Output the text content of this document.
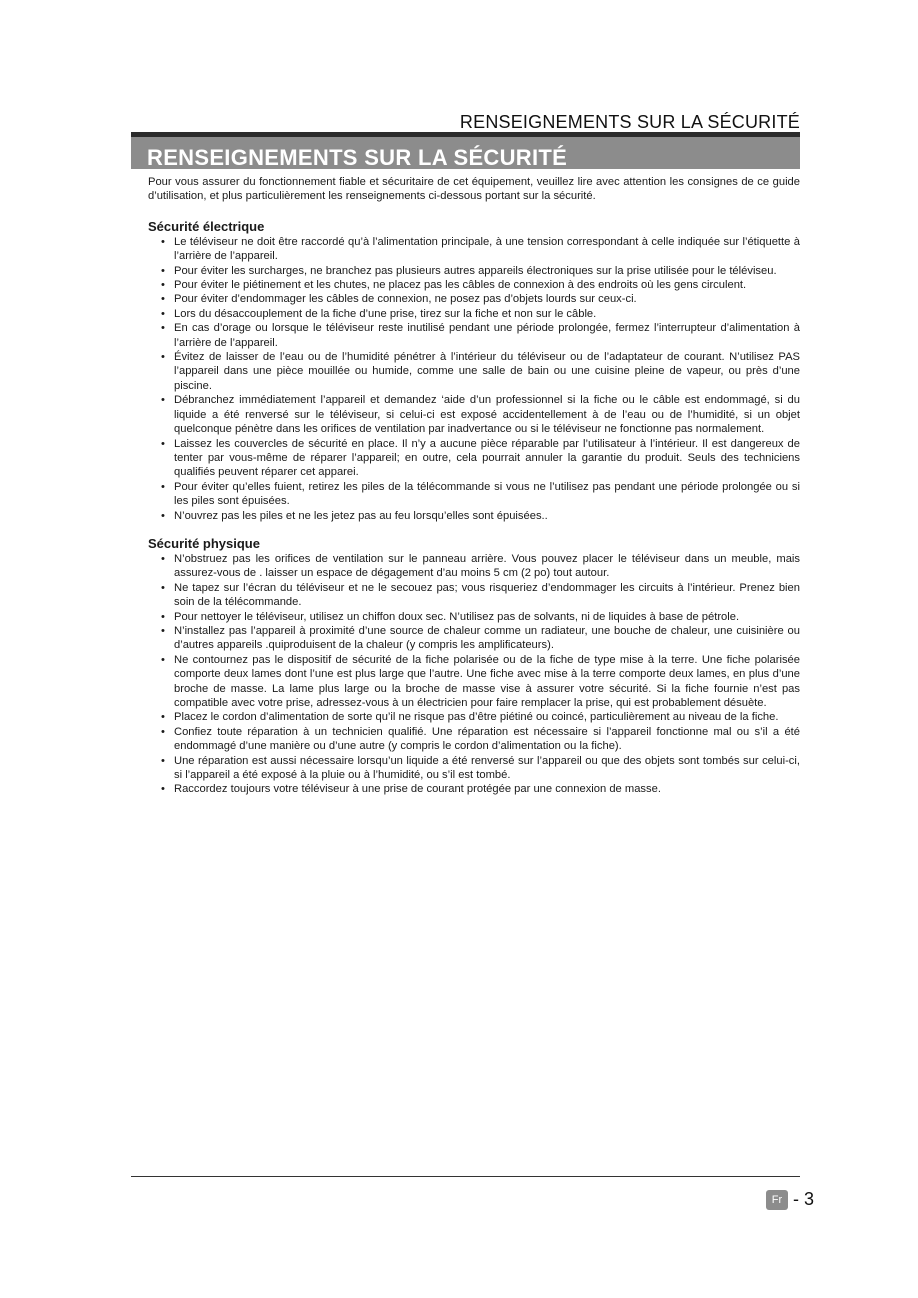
RENSEIGNEMENTS SUR LA SÉCURITÉ
RENSEIGNEMENTS SUR LA SÉCURITÉ

Pour vous assurer du fonctionnement fiable et sécuritaire de cet équipement, veuillez lire avec attention les consignes de ce guide d’utilisation, et plus particulièrement les renseignements ci-dessous portant sur la sécurité.

Sécurité électrique
• Le téléviseur ne doit être raccordé qu’à l’alimentation principale, à une tension correspondant à celle indiquée sur l’étiquette à l’arrière de l’appareil.
• Pour éviter les surcharges, ne branchez pas plusieurs autres appareils électroniques sur la prise utilisée pour le téléviseu.
• Pour éviter le piétinement et les chutes, ne placez pas les câbles de connexion à des endroits où les gens circulent.
• Pour éviter d’endommager les câbles de connexion, ne posez pas d’objets lourds sur ceux-ci.
• Lors du désaccouplement de la fiche d’une prise, tirez sur la fiche et non sur le câble.
• En cas d’orage ou lorsque le téléviseur reste inutilisé pendant une période prolongée, fermez l’interrupteur d’alimentation à l’arrière de l’appareil.
• Évitez de laisser de l’eau ou de l’humidité pénétrer à l’intérieur du téléviseur ou de l’adaptateur de courant. N’utilisez PAS l’appareil dans une pièce mouillée ou humide, comme une salle de bain ou une cuisine pleine de vapeur, ou près d’une piscine.
• Débranchez immédiatement l’appareil et demandez ‘aide d’un professionnel si la fiche ou le câble est endommagé, si du liquide a été renversé sur le téléviseur, si celui-ci est exposé accidentellement à de l’eau ou de l’humidité, si un objet quelconque pénètre dans les orifices de ventilation par inadvertance ou si le téléviseur ne fonctionne pas normalement.
• Laissez les couvercles de sécurité en place. Il n’y a aucune pièce réparable par l’utilisateur à l’intérieur. Il est dangereux de tenter par vous-même de réparer l’appareil; en outre, cela pourrait annuler la garantie du produit. Seuls des techniciens qualifiés peuvent réparer cet apparei.
• Pour éviter qu’elles fuient, retirez les piles de la télécommande si vous ne l’utilisez pas pendant une période prolongée ou si les piles sont épuisées.
• N’ouvrez pas les piles et ne les jetez pas au feu lorsqu’elles sont épuisées..
Sécurité physique
• N’obstruez pas les orifices de ventilation sur le panneau arrière. Vous pouvez placer le téléviseur dans un meuble, mais assurez-vous de . laisser un espace de dégagement d’au moins 5 cm (2 po) tout autour.
• Ne tapez sur l’écran du téléviseur et ne le secouez pas; vous risqueriez d’endommager les circuits à l’intérieur. Prenez bien soin de la télécommande.
• Pour nettoyer le téléviseur, utilisez un chiffon doux sec. N’utilisez pas de solvants, ni de liquides à base de pétrole.
• N’installez pas l’appareil à proximité d’une source de chaleur comme un radiateur, une bouche de chaleur, une cuisinière ou d’autres appareils .quiproduisent de la chaleur (y compris les amplificateurs).
• Ne contournez pas le dispositif de sécurité de la fiche polarisée ou de la fiche de type mise à la terre. Une fiche polarisée comporte deux lames dont l’une est plus large que l’autre. Une fiche avec mise à la terre comporte deux lames, en plus d’une broche de masse. La lame plus large ou la broche de masse vise à assurer votre sécurité. Si la fiche fournie n’est pas compatible avec votre prise, adressez-vous à un électricien pour faire remplacer la prise, qui est probablement désuète.
• Placez le cordon d’alimentation de sorte qu’il ne risque pas d’être piétiné ou coincé, particulièrement au niveau de la fiche.
• Confiez toute réparation à un technicien qualifié. Une réparation est nécessaire si l’appareil fonctionne mal ou s’il a été endommagé d’une manière ou d’une autre (y compris le cordon d’alimentation ou la fiche).
• Une réparation est aussi nécessaire lorsqu’un liquide a été renversé sur l’appareil ou que des objets sont tombés sur celui-ci, si l’appareil a été exposé à la pluie ou à l’humidité, ou s’il est tombé.
• Raccordez toujours votre téléviseur à une prise de courant protégée par une connexion de masse.
Fr - 3
